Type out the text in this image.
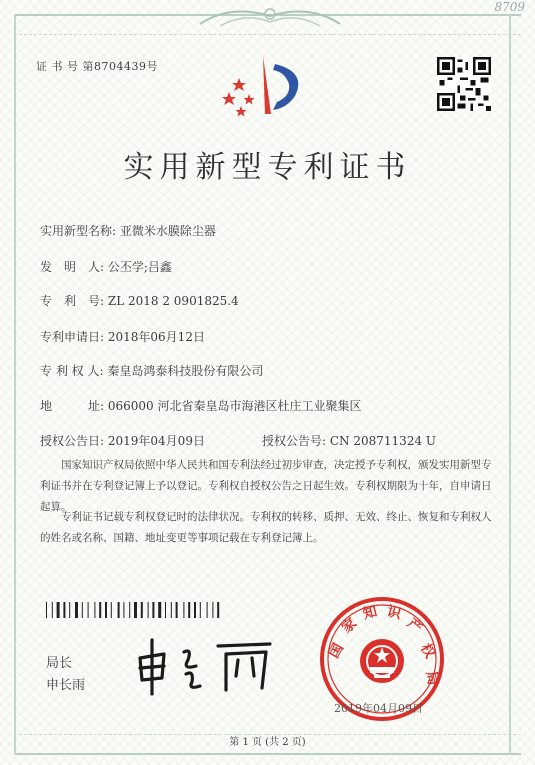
8709
证 书 号 第8704439号
实用新型专利证书
实用新型名称: 亚微米水膜除尘器
发　明　人: 公丕学;吕鑫
专　利　号: ZL 2018 2 0901825.4
专利申请日: 2018年06月12日
专 利 权 人: 秦皇岛鸿泰科技股份有限公司
地　　　址: 066000 河北省秦皇岛市海港区杜庄工业聚集区
授权公告日: 2019年04月09日	授权公告号: CN 208711324 U
国家知识产权局依照中华人民共和国专利法经过初步审查，决定授予专利权，颁发实用新型专利证书并在专利登记簿上予以登记。专利权自授权公告之日起生效。专利权期限为十年，自申请日起算。
专利证书记载专利权登记时的法律状况。专利权的转移、质押、无效、终止、恢复和专利权人的姓名或名称、国籍、地址变更等事项记载在专利登记簿上。
局长
申长雨
国
家
知 识
产
权
局
2019年04月09日
第 1 页 (共 2 页)
